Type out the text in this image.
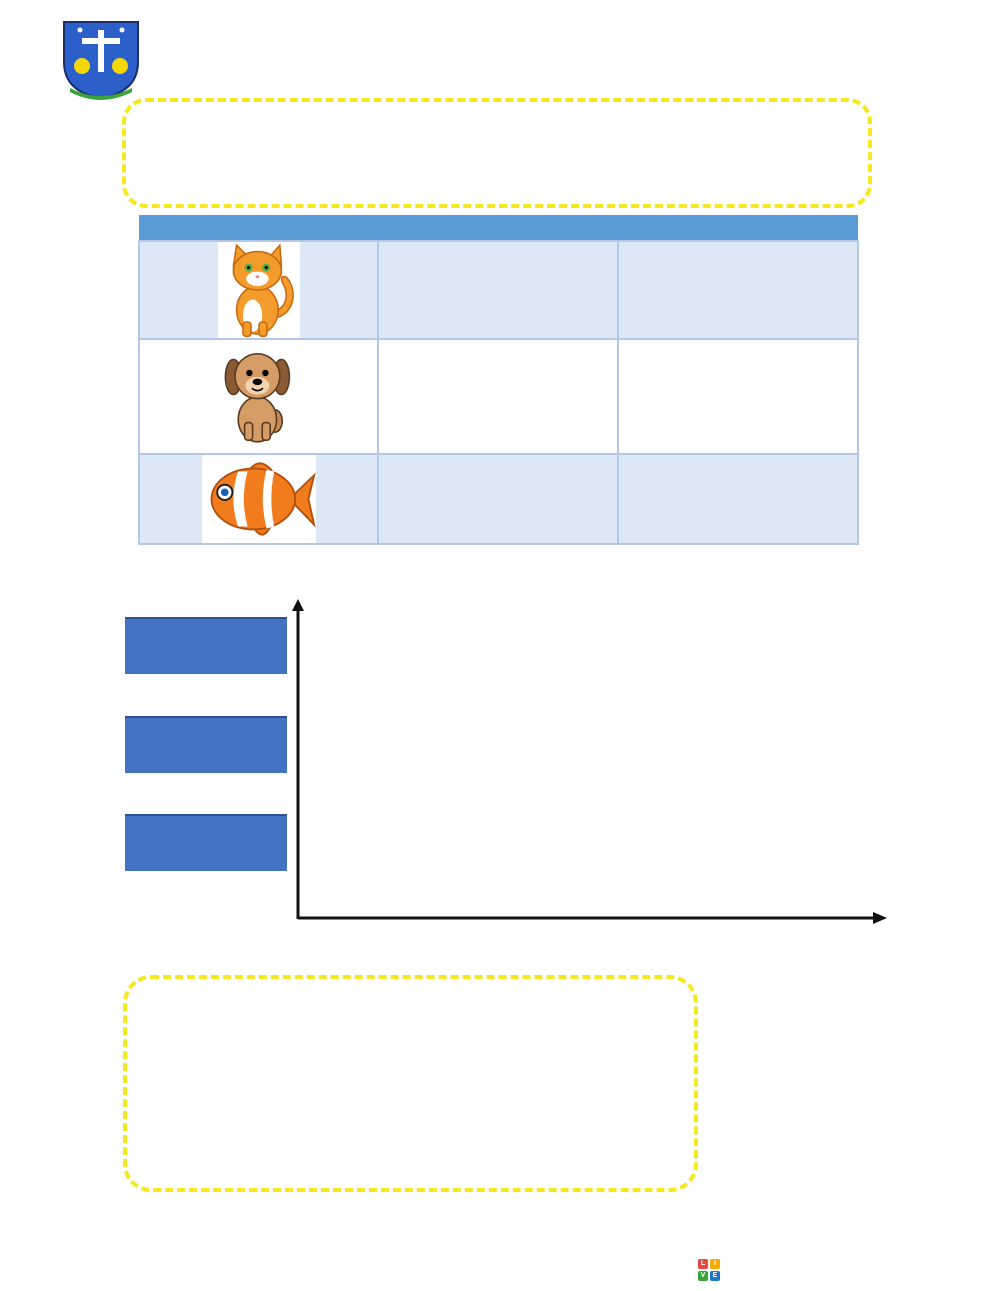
L	I
V	E
